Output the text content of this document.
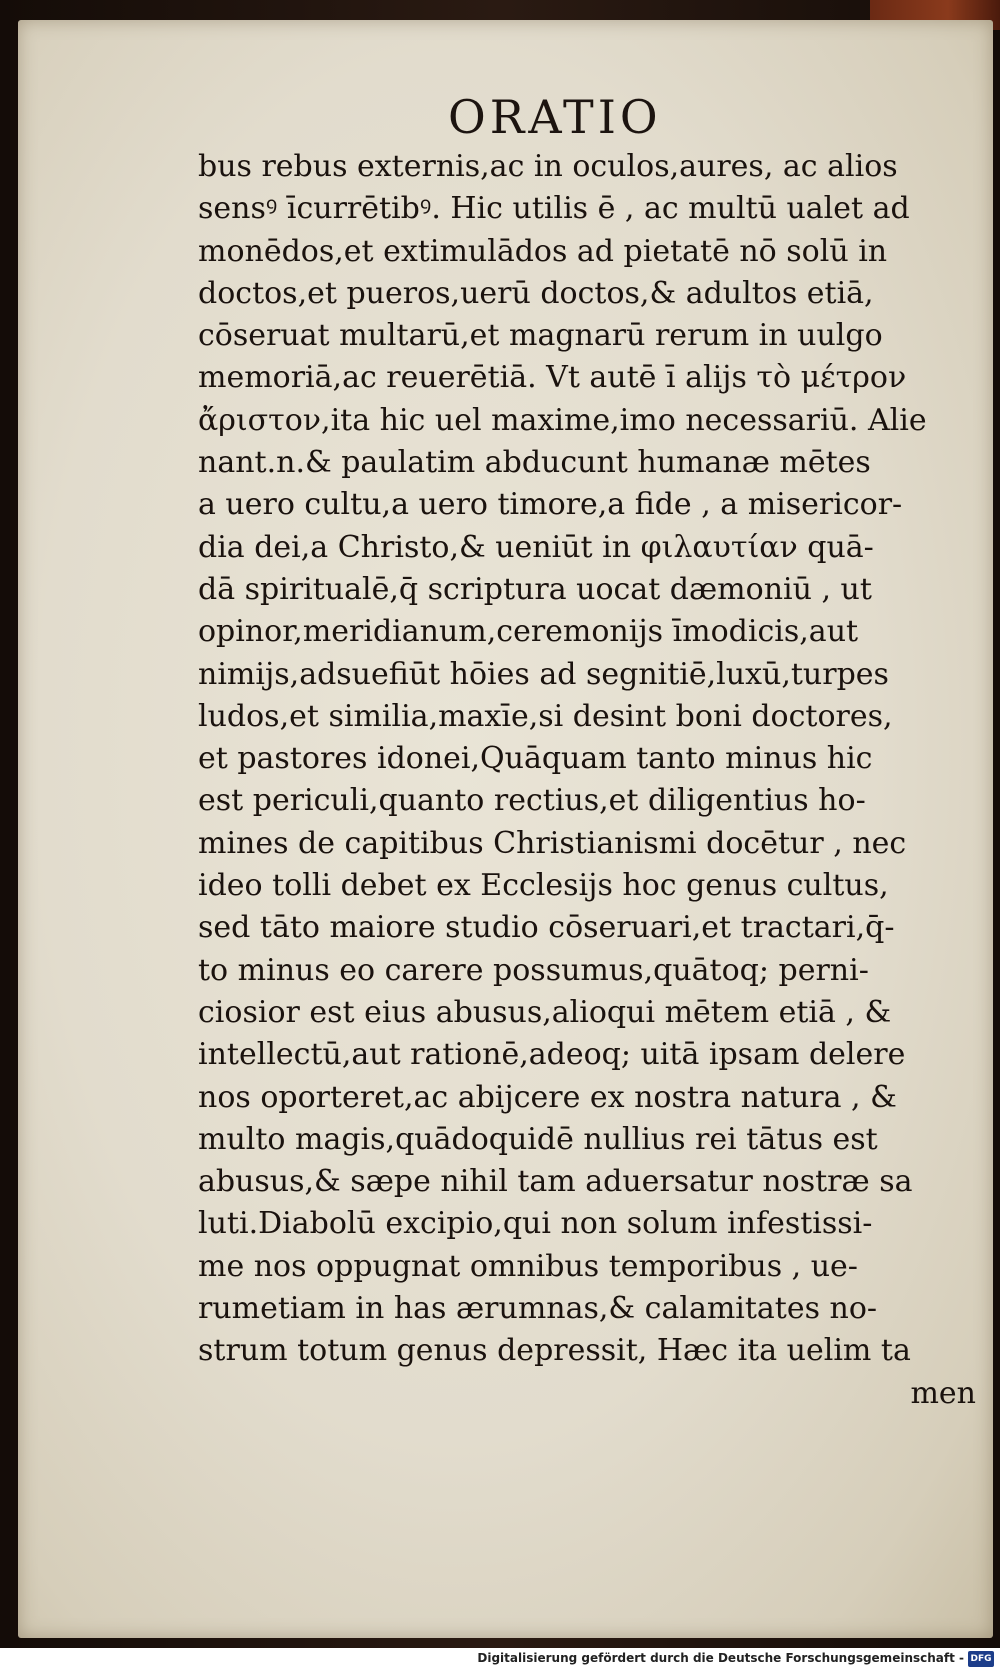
ORATIO
bus rebus externis,ac in oculos,aures, ac alios
sensꝰ īcurrētibꝰ. Hic utilis ē , ac multū ualet ad
monēdos,et extimulādos ad pietatē nō solū in
doctos,et pueros,uerū doctos,& adultos etiā,
cōseruat multarū,et magnarū rerum in uulgo
memoriā,ac reuerētiā. Vt autē ī alijs τὸ μέτρον
ἄριστον,ita hic uel maxime,imo necessariū. Alie
nant.n.& paulatim abducunt humanæ mētes
a uero cultu,a uero timore,a fide , a misericor-
dia dei,a Christo,& ueniūt in φιλαυτίαν quā-
dā spiritualē,q̄ scriptura uocat dæmoniū , ut
opinor,meridianum,ceremonijs īmodicis,aut
nimijs,adsuefiūt hōies ad segnitiē,luxū,turpes
ludos,et similia,maxīe,si desint boni doctores,
et pastores idonei,Quāquam tanto minus hic
est periculi,quanto rectius,et diligentius ho-
mines de capitibus Christianismi docētur , nec
ideo tolli debet ex Ecclesijs hoc genus cultus,
sed tāto maiore studio cōseruari,et tractari,q̄-
to minus eo carere possumus,quātoq; perni-
ciosior est eius abusus,alioqui mētem etiā , &
intellectū,aut rationē,adeoq; uitā ipsam delere
nos oporteret,ac abijcere ex nostra natura , &
multo magis,quādoquidē nullius rei tātus est
abusus,& sæpe nihil tam aduersatur nostræ sa
luti.Diabolū excipio,qui non solum infestissi-
me nos oppugnat omnibus temporibus , ue-
rumetiam in has ærumnas,& calamitates no-
strum totum genus depressit, Hæc ita uelim ta
men
Digitalisierung gefördert durch die Deutsche Forschungsgemeinschaft - DFG
